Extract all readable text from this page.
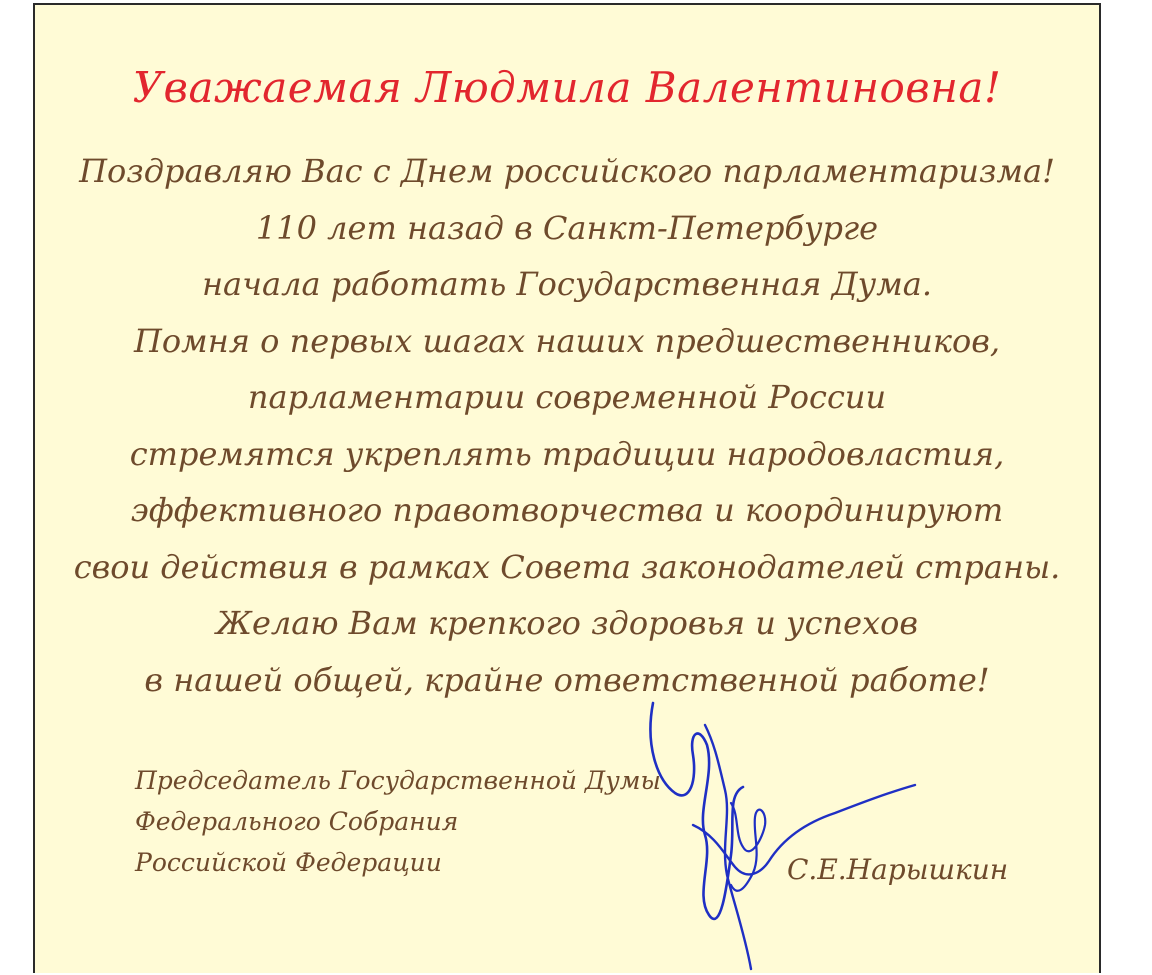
Уважаемая Людмила Валентиновна!
Поздравляю Вас с Днем российского парламентаризма!
110 лет назад в Санкт-Петербурге
начала работать Государственная Дума.
Помня о первых шагах наших предшественников,
парламентарии современной России
стремятся укреплять традиции народовластия,
эффективного правотворчества и координируют
свои действия в рамках Совета законодателей страны.
Желаю Вам крепкого здоровья и успехов
в нашей общей, крайне ответственной работе!
Председатель Государственной Думы
Федерального Собрания
Российской Федерации	С.Е.Нарышкин
